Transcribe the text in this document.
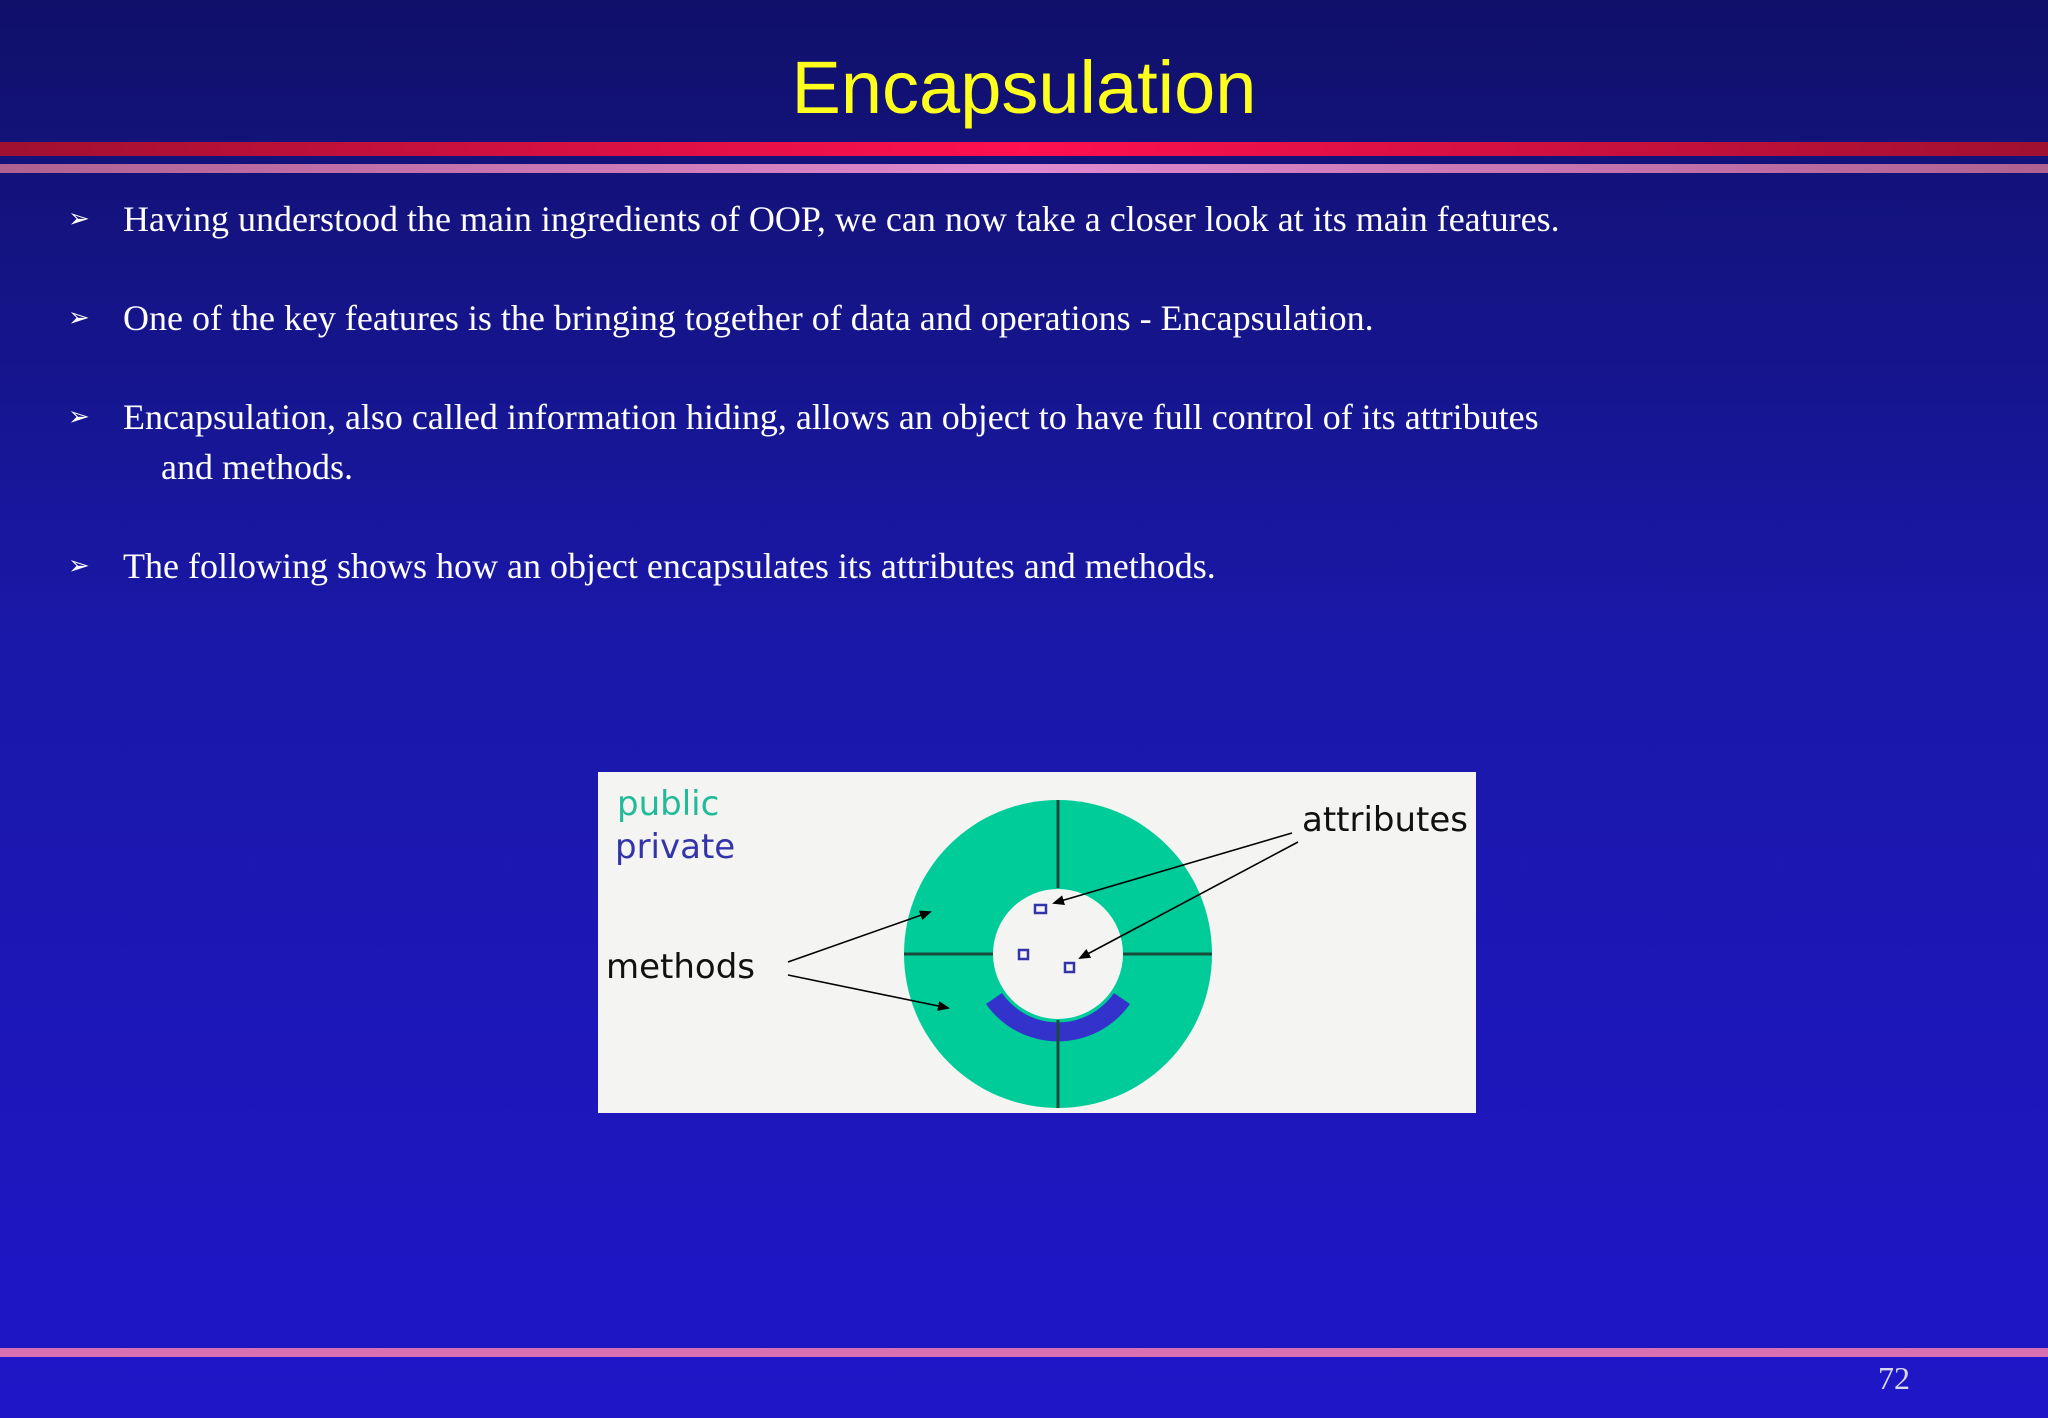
Encapsulation
➢ Having understood the main ingredients of OOP, we can now take a closer look at its main features.
➢ One of the key features is the bringing together of data and operations - Encapsulation.
➢ Encapsulation, also called information hiding, allows an object to have full control of its attributes
and methods.
➢ The following shows how an object encapsulates its attributes and methods.
public
private
methods
attributes
72
